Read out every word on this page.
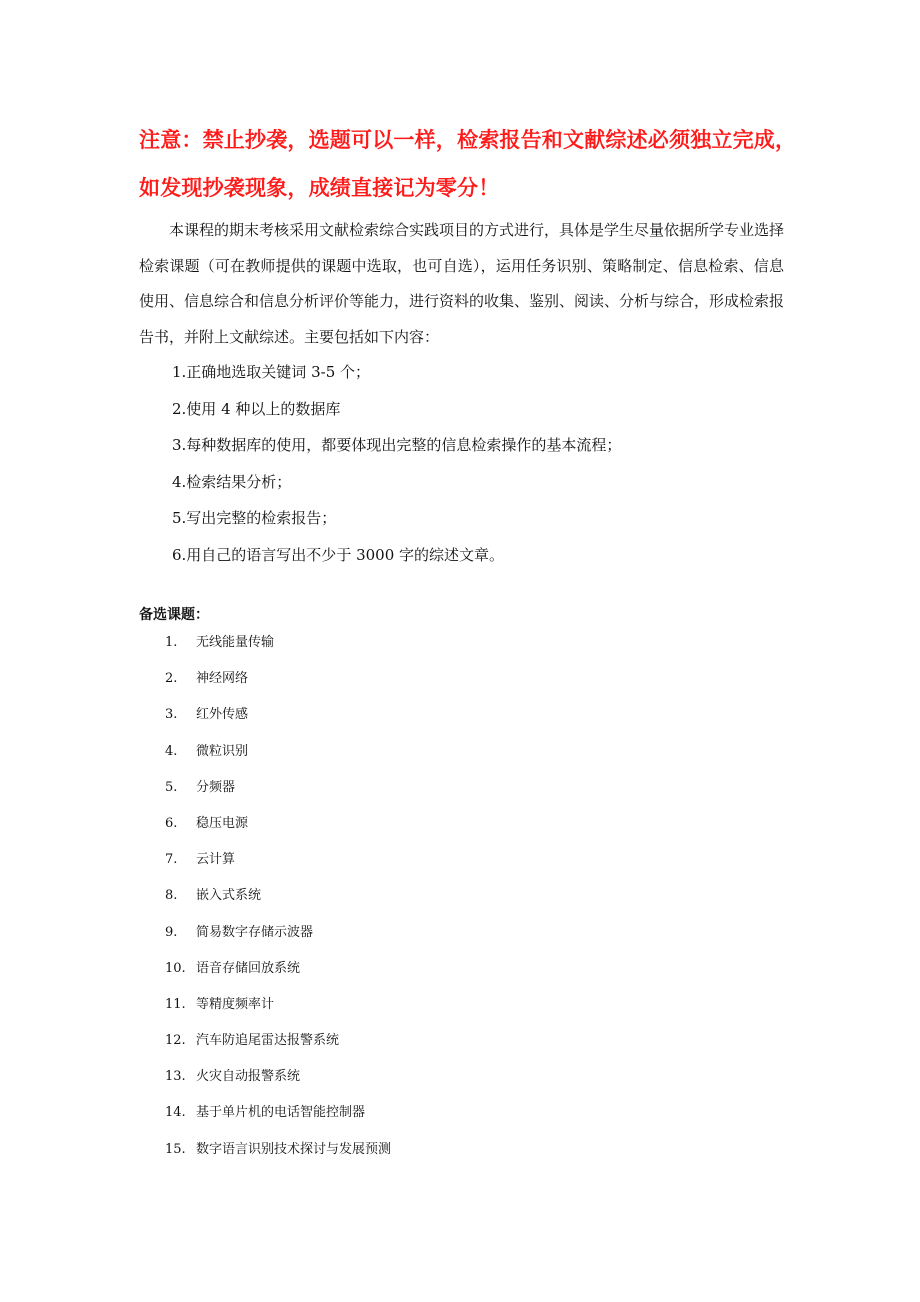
注意：禁止抄袭，选题可以一样，检索报告和文献综述必须独立完成，
如发现抄袭现象，成绩直接记为零分！

本课程的期末考核采用文献检索综合实践项目的方式进行，具体是学生尽量依据所学专业选择检索课题（可在教师提供的课题中选取，也可自选），运用任务识别、策略制定、信息检索、信息使用、信息综合和信息分析评价等能力，进行资料的收集、鉴别、阅读、分析与综合，形成检索报告书，并附上文献综述。主要包括如下内容：

1.正确地选取关键词 3-5 个；
2.使用 4 种以上的数据库
3.每种数据库的使用，都要体现出完整的信息检索操作的基本流程；
4.检索结果分析；
5.写出完整的检索报告；
6.用自己的语言写出不少于 3000 字的综述文章。
备选课题：
1.	无线能量传输
2.	神经网络
3.	红外传感
4.	微粒识别
5.	分频器
6.	稳压电源
7.	云计算
8.	嵌入式系统
9.	简易数字存储示波器
10. 语音存储回放系统
11. 等精度频率计
12. 汽车防追尾雷达报警系统
13. 火灾自动报警系统
14. 基于单片机的电话智能控制器
15. 数字语言识别技术探讨与发展预测
